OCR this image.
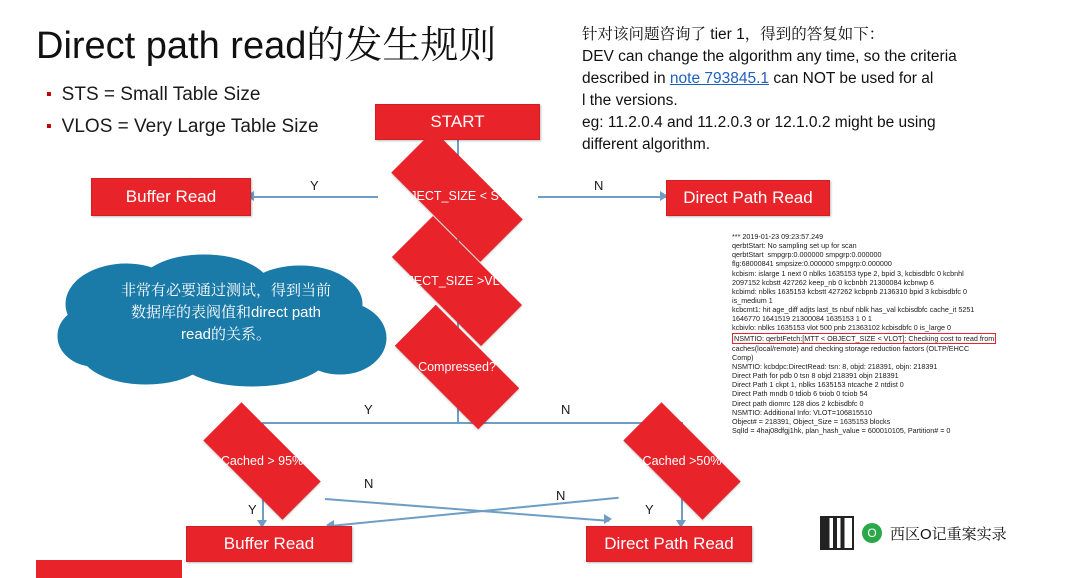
Direct path read的发生规则
▪ STS = Small Table Size
▪ VLOS = Very Large Table Size
针对该问题咨询了 tier 1，得到的答复如下：
DEV can change the algorithm any time, so the criteria
described in note 793845.1 can NOT be used for al
l the versions.
eg: 11.2.0.4 and 11.2.0.3 or 12.1.0.2 might be using
different algorithm.
Y	N
Y	N
Y
N
N
Y
START
OBJECT_SIZE < STS?
Buffer Read	Direct Path Read
OBJECT_SIZE >VLOS?
Compressed?
Cached > 95%	Cached >50%
Buffer Read	Direct Path Read
非常有必要通过测试，得到当前数据库的表阀值和direct path read的关系。
*** 2019-01-23 09:23:57.249
qerbtStart: No sampling set up for scan
qerbtStart  smpgrp:0.000000 smpgrp:0.000000
flg:68000841 smpsize:0.000000 smpgrp:0.000000
kcbism: islarge 1 next 0 nblks 1635153 type 2, bpid 3, kcbisdbfc 0 kcbnhl
2097152 kcbstt 427262 keep_nb 0 kcbnbh 21300084 kcbnwp 6
kcbimd: nblks 1635153 kcbstt 427262 kcbpnb 2136310 bpid 3 kcbisdbfc 0
is_medium 1
kcbcmt1: hit age_diff adjts last_ts nbuf nblk has_val kcbisdbfc cache_it 5251
1646770 1641519 21300084 1635153 1 0 1
kcbivlo: nblks 1635153 vlot 500 pnb 21363102 kcbisdbfc 0 is_large 0
NSMTIO: qerbtFetch:[MTT < OBJECT_SIZE < VLOT]: Checking cost to read from
caches(local/remote) and checking storage reduction factors (OLTP/EHCC
Comp)
NSMTIO: kcbdpc:DirectRead: tsn: 8, objd: 218391, objn: 218391
Direct Path for pdb 0 tsn 8 objd 218391 objn 218391
Direct Path 1 ckpt 1, nblks 1635153 ntcache 2 ntdist 0
Direct Path mndb 0 tdiob 6 txiob 0 tciob 54
Direct path diomrc 128 dios 2 kcbisdbfc 0
NSMTIO: Additional Info: VLOT=106815510
Object# = 218391, Object_Size = 1635153 blocks
SqlId = 4haj08dfgj1hk, plan_hash_value = 600010105, Partition# = 0
O 西区O记重案实录
